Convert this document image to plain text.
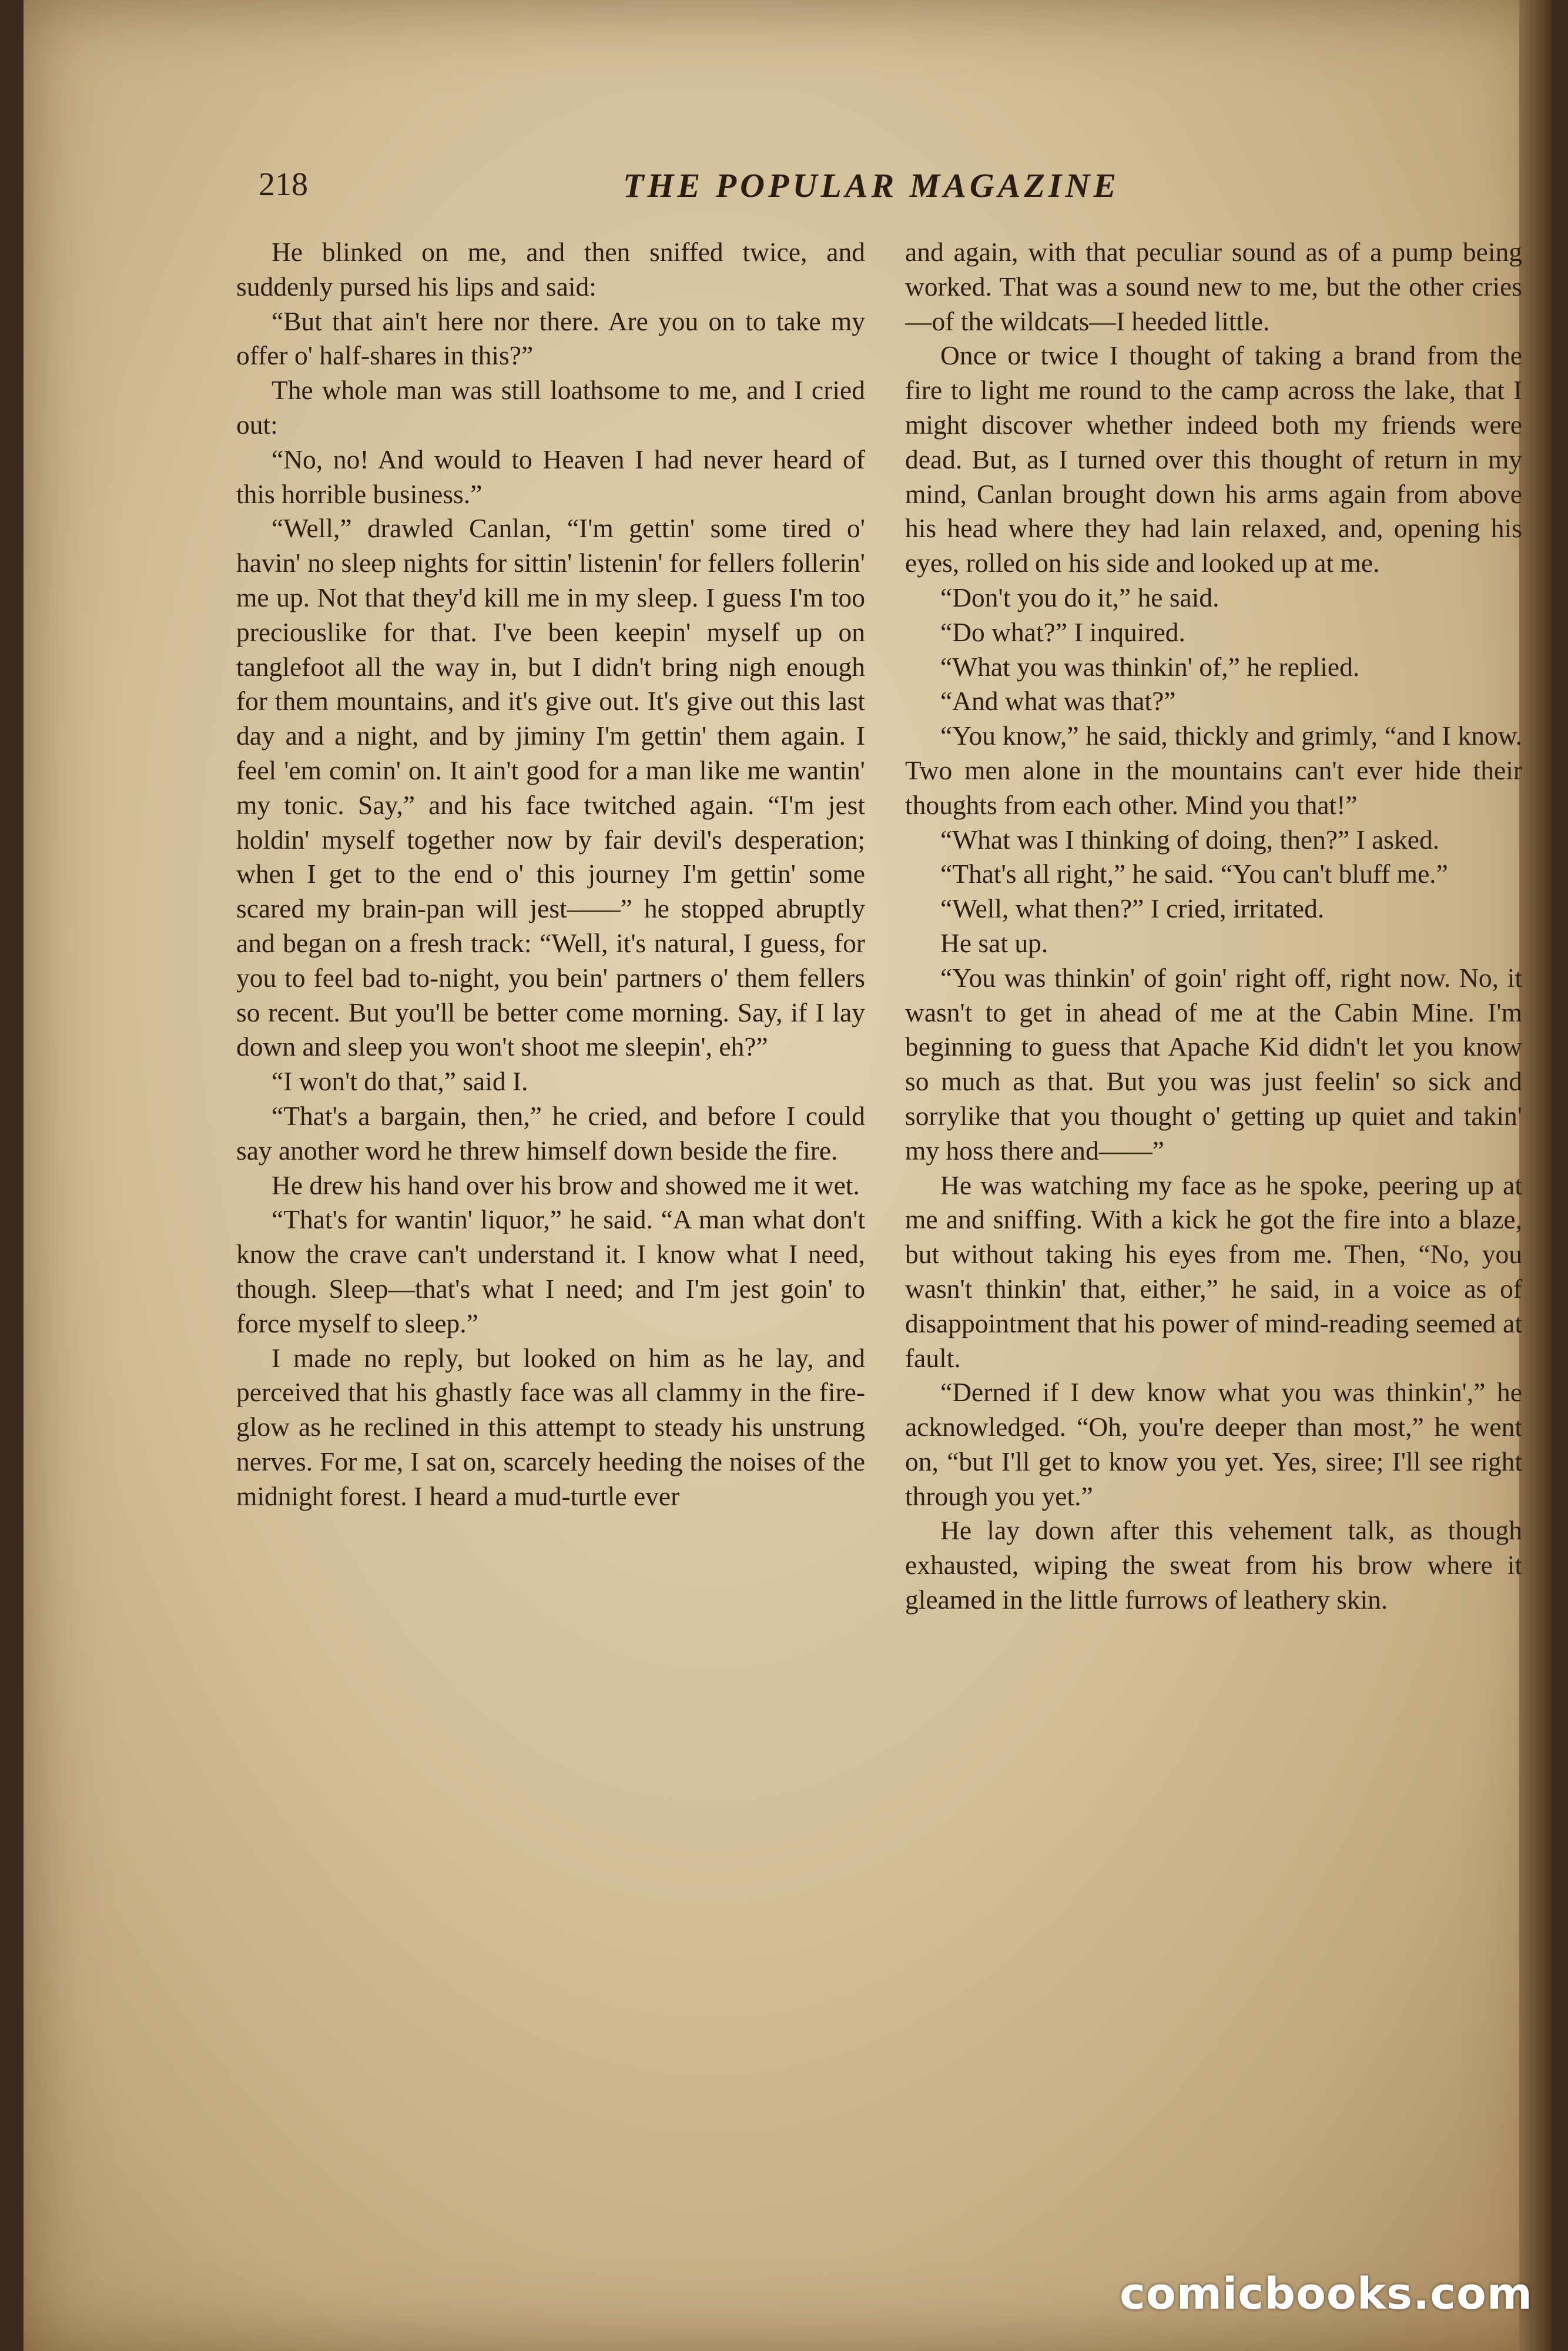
218	THE POPULAR MAGAZINE

He blinked on me, and then sniffed twice, and suddenly pursed his lips and said:

“But that ain't here nor there. Are you on to take my offer o' half-shares in this?”

The whole man was still loathsome to me, and I cried out:

“No, no! And would to Heaven I had never heard of this horrible business.”

“Well,” drawled Canlan, “I'm gettin' some tired o' havin' no sleep nights for sittin' listenin' for fellers follerin' me up. Not that they'd kill me in my sleep. I guess I'm too preciouslike for that. I've been keepin' myself up on tanglefoot all the way in, but I didn't bring nigh enough for them mountains, and it's give out. It's give out this last day and a night, and by jiminy I'm gettin' them again. I feel 'em comin' on. It ain't good for a man like me wantin' my tonic. Say,” and his face twitched again. “I'm jest holdin' myself together now by fair devil's desperation; when I get to the end o' this journey I'm gettin' some scared my brain-pan will jest——” he stopped abruptly and began on a fresh track: “Well, it's natural, I guess, for you to feel bad to-night, you bein' partners o' them fellers so recent. But you'll be better come morning. Say, if I lay down and sleep you won't shoot me sleepin', eh?”

“I won't do that,” said I.

“That's a bargain, then,” he cried, and before I could say another word he threw himself down beside the fire.

He drew his hand over his brow and showed me it wet.

“That's for wantin' liquor,” he said. “A man what don't know the crave can't understand it. I know what I need, though. Sleep—that's what I need; and I'm jest goin' to force myself to sleep.”

I made no reply, but looked on him as he lay, and perceived that his ghastly face was all clammy in the fire-glow as he reclined in this attempt to steady his unstrung nerves. For me, I sat on, scarcely heeding the noises of the midnight forest. I heard a mud-turtle ever

and again, with that peculiar sound as of a pump being worked. That was a sound new to me, but the other cries—of the wildcats—I heeded little.

Once or twice I thought of taking a brand from the fire to light me round to the camp across the lake, that I might discover whether indeed both my friends were dead. But, as I turned over this thought of return in my mind, Canlan brought down his arms again from above his head where they had lain relaxed, and, opening his eyes, rolled on his side and looked up at me.

“Don't you do it,” he said.

“Do what?” I inquired.

“What you was thinkin' of,” he replied.

“And what was that?”

“You know,” he said, thickly and grimly, “and I know. Two men alone in the mountains can't ever hide their thoughts from each other. Mind you that!”

“What was I thinking of doing, then?” I asked.

“That's all right,” he said. “You can't bluff me.”

“Well, what then?” I cried, irritated.

He sat up.

“You was thinkin' of goin' right off, right now. No, it wasn't to get in ahead of me at the Cabin Mine. I'm beginning to guess that Apache Kid didn't let you know so much as that. But you was just feelin' so sick and sorrylike that you thought o' getting up quiet and takin' my hoss there and——”

He was watching my face as he spoke, peering up at me and sniffing. With a kick he got the fire into a blaze, but without taking his eyes from me. Then, “No, you wasn't thinkin' that, either,” he said, in a voice as of disappointment that his power of mind-reading seemed at fault.

“Derned if I dew know what you was thinkin',” he acknowledged. “Oh, you're deeper than most,” he went on, “but I'll get to know you yet. Yes, siree; I'll see right through you yet.”

He lay down after this vehement talk, as though exhausted, wiping the sweat from his brow where it gleamed in the little furrows of leathery skin.

comicbooks.com
